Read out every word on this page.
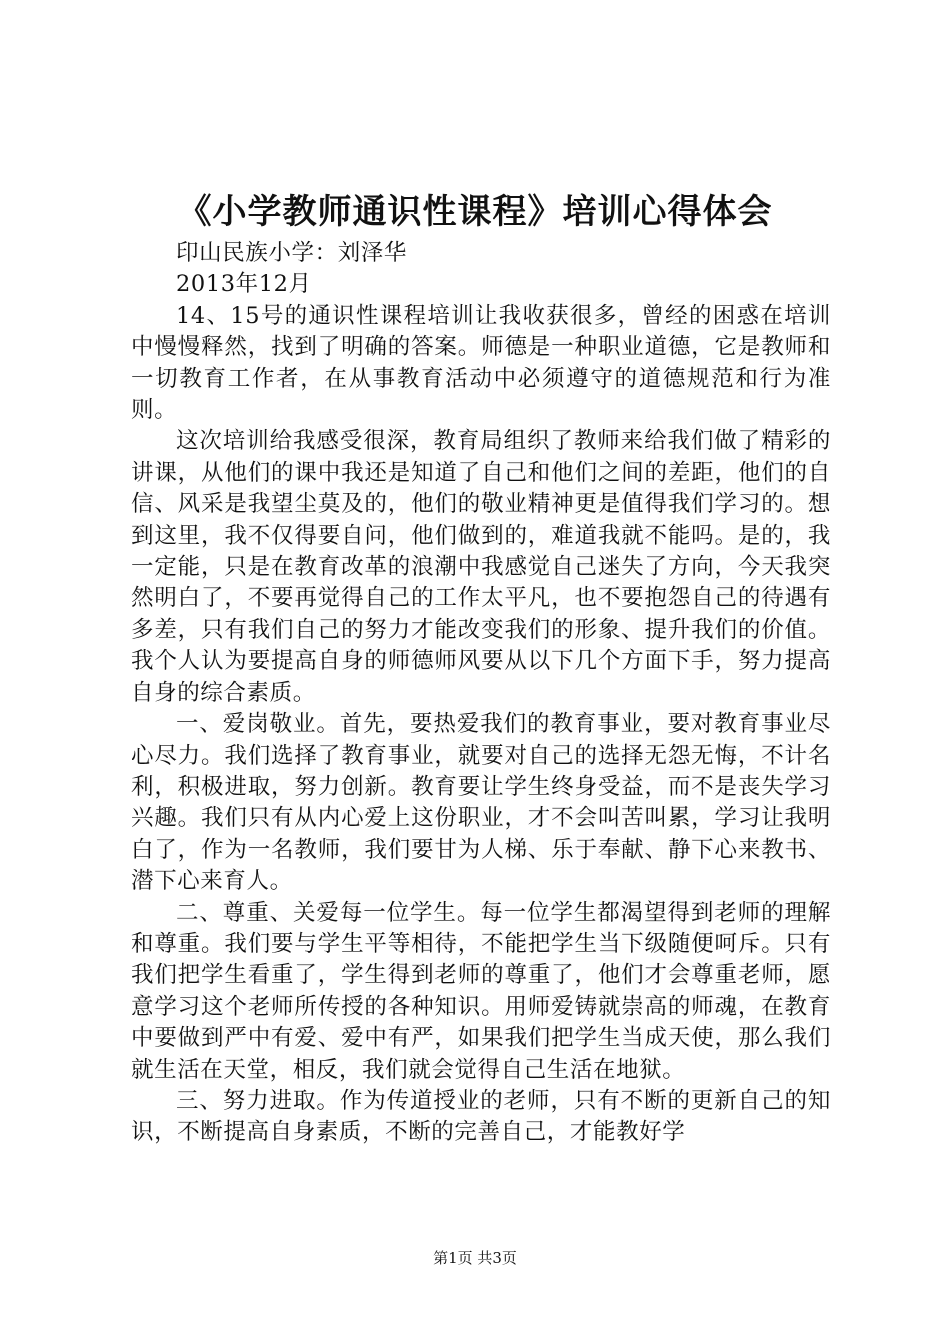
《小学教师通识性课程》培训心得体会

印山民族小学：刘泽华

2013年12月

14、15号的通识性课程培训让我收获很多，曾经的困惑在培训中慢慢释然，找到了明确的答案。师德是一种职业道德，它是教师和一切教育工作者，在从事教育活动中必须遵守的道德规范和行为准则。

这次培训给我感受很深，教育局组织了教师来给我们做了精彩的讲课，从他们的课中我还是知道了自己和他们之间的差距，他们的自信、风采是我望尘莫及的，他们的敬业精神更是值得我们学习的。想到这里，我不仅得要自问，他们做到的，难道我就不能吗。是的，我一定能，只是在教育改革的浪潮中我感觉自己迷失了方向，今天我突然明白了，不要再觉得自己的工作太平凡，也不要抱怨自己的待遇有多差，只有我们自己的努力才能改变我们的形象、提升我们的价值。我个人认为要提高自身的师德师风要从以下几个方面下手，努力提高自身的综合素质。

一、爱岗敬业。首先，要热爱我们的教育事业，要对教育事业尽心尽力。我们选择了教育事业，就要对自己的选择无怨无悔，不计名利，积极进取，努力创新。教育要让学生终身受益，而不是丧失学习兴趣。我们只有从内心爱上这份职业，才不会叫苦叫累，学习让我明白了，作为一名教师，我们要甘为人梯、乐于奉献、静下心来教书、潜下心来育人。

二、尊重、关爱每一位学生。每一位学生都渴望得到老师的理解和尊重。我们要与学生平等相待，不能把学生当下级随便呵斥。只有我们把学生看重了，学生得到老师的尊重了，他们才会尊重老师，愿意学习这个老师所传授的各种知识。用师爱铸就崇高的师魂，在教育中要做到严中有爱、爱中有严，如果我们把学生当成天使，那么我们就生活在天堂，相反，我们就会觉得自己生活在地狱。

三、努力进取。作为传道授业的老师，只有不断的更新自己的知识，不断提高自身素质，不断的完善自己，才能教好学

第1页 共3页
